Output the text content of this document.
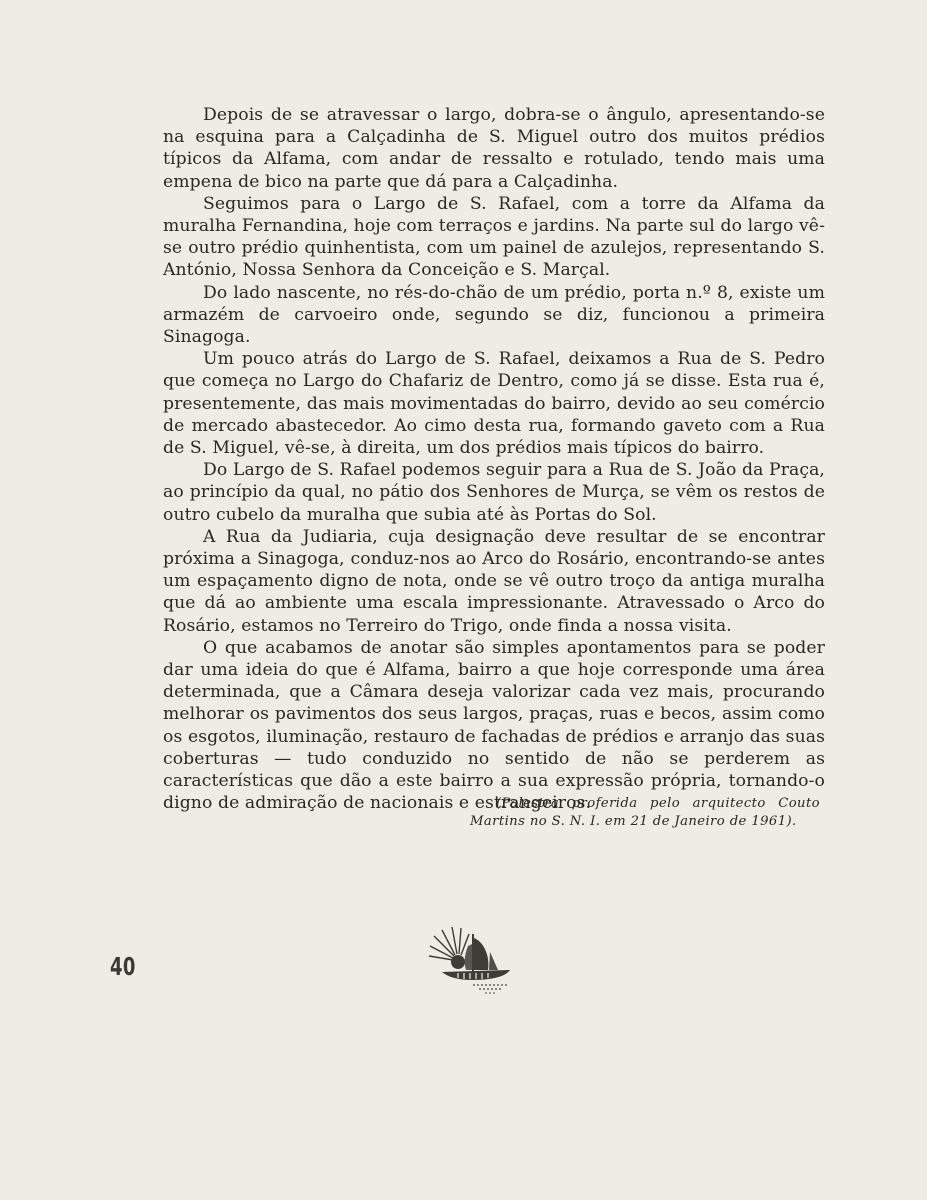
Depois de se atravessar o largo, dobra-se o ângulo, apresentando-se na esquina para a Calçadinha de S. Miguel outro dos muitos prédios típicos da Alfama, com andar de ressalto e rotulado, tendo mais uma empena de bico na parte que dá para a Calçadinha.

Seguimos para o Largo de S. Rafael, com a torre da Alfama da muralha Fernandina, hoje com terraços e jardins. Na parte sul do largo vê-se outro prédio quinhentista, com um painel de azulejos, representando S. António, Nossa Senhora da Conceição e S. Marçal.

Do lado nascente, no rés-do-chão de um prédio, porta n.º 8, existe um armazém de carvoeiro onde, segundo se diz, funcionou a primeira Sinagoga.

Um pouco atrás do Largo de S. Rafael, deixamos a Rua de S. Pedro que começa no Largo do Chafariz de Dentro, como já se disse. Esta rua é, presentemente, das mais movimentadas do bairro, devido ao seu comércio de mercado abastecedor. Ao cimo desta rua, formando gaveto com a Rua de S. Miguel, vê-se, à direita, um dos prédios mais típicos do bairro.

Do Largo de S. Rafael podemos seguir para a Rua de S. João da Praça, ao princípio da qual, no pátio dos Senhores de Murça, se vêm os restos de outro cubelo da muralha que subia até às Portas do Sol.

A Rua da Judiaria, cuja designação deve resultar de se encontrar próxima a Sinagoga, conduz-nos ao Arco do Rosário, encontrando-se antes um espaçamento digno de nota, onde se vê outro troço da antiga muralha que dá ao ambiente uma escala impressionante. Atravessado o Arco do Rosário, estamos no Terreiro do Trigo, onde finda a nossa visita.

O que acabamos de anotar são simples apontamentos para se poder dar uma ideia do que é Alfama, bairro a que hoje corresponde uma área determinada, que a Câmara deseja valorizar cada vez mais, procurando melhorar os pavimentos dos seus largos, praças, ruas e becos, assim como os esgotos, iluminação, restauro de fachadas de prédios e arranjo das suas coberturas — tudo conduzido no sentido de não se perderem as características que dão a este bairro a sua expressão própria, tornando-o digno de admiração de nacionais e estrangeiros.

(Palestra proferida pelo arquitecto Couto Martins no S. N. I. em 21 de Janeiro de 1961).

40
